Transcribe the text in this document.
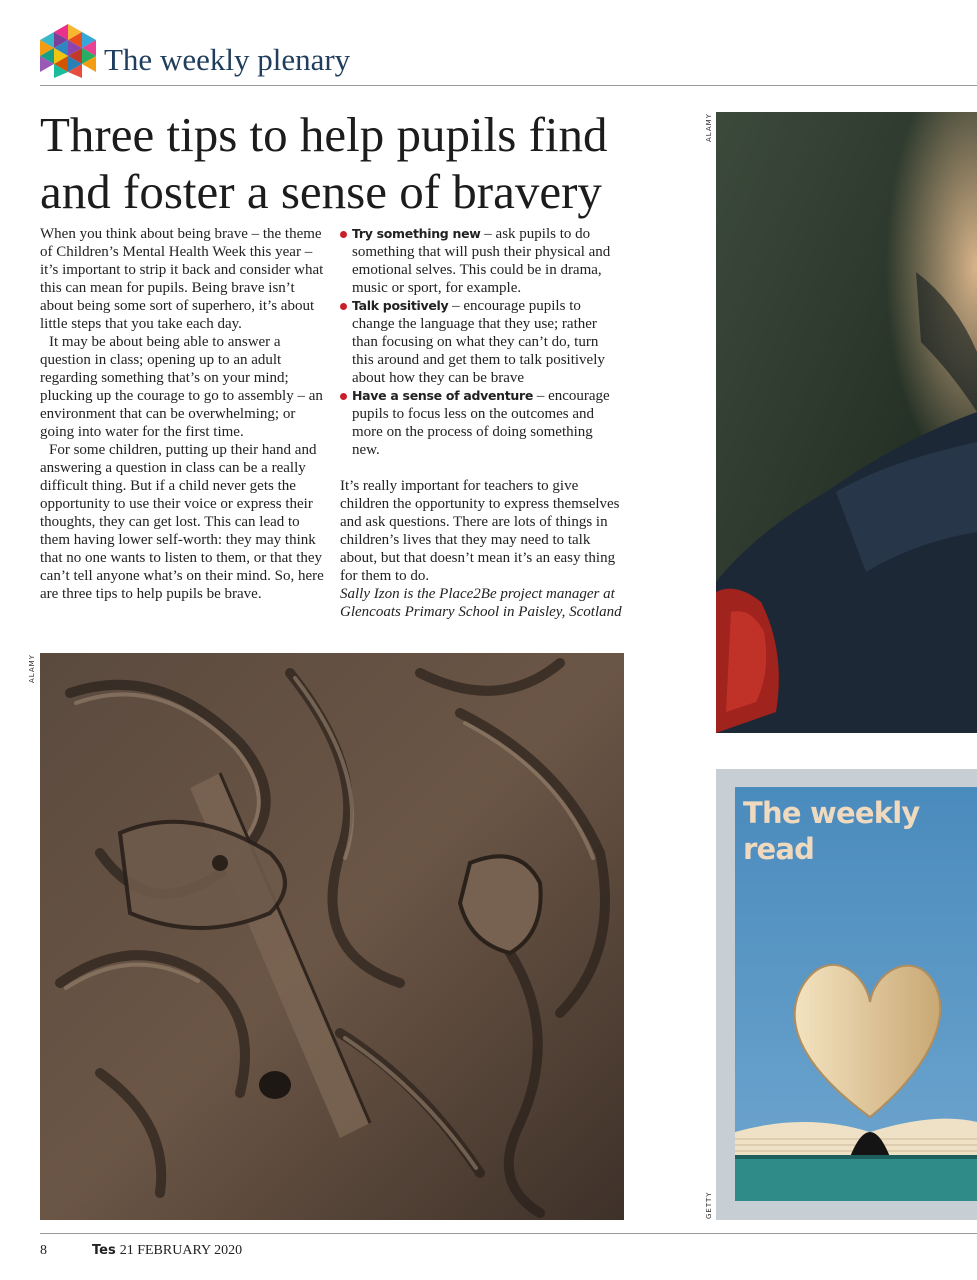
The weekly plenary
Three tips to help pupils find and foster a sense of bravery

When you think about being brave – the theme of Children’s Mental Health Week this year – it’s important to strip it back and consider what this can mean for pupils. Being brave isn’t about being some sort of superhero, it’s about little steps that you take each day.

It may be about being able to answer a question in class; opening up to an adult regarding something that’s on your mind; plucking up the courage to go to assembly – an environment that can be overwhelming; or going into water for the first time.

For some children, putting up their hand and answering a question in class can be a really difficult thing. But if a child never gets the opportunity to use their voice or express their thoughts, they can get lost. This can lead to them having lower self-worth: they may think that no one wants to listen to them, or that they can’t tell anyone what’s on their mind. So, here are three tips to help pupils be brave.

Try something new – ask pupils to do something that will push their physical and emotional selves. This could be in drama, music or sport, for example.

Talk positively – encourage pupils to change the language that they use; rather than focusing on what they can’t do, turn this around and get them to talk positively about how they can be brave

Have a sense of adventure – encourage pupils to focus less on the outcomes and more on the process of doing something new.

It’s really important for teachers to give children the opportunity to express themselves and ask questions. There are lots of things in children’s lives that they may need to talk about, but that doesn’t mean it’s an easy thing for them to do.

Sally Izon is the Place2Be project manager at Glencoats Primary School in Paisley, Scotland

ALAMY
ALAMY
The weekly read
GETTY
8	Tes 21 FEBRUARY 2020
